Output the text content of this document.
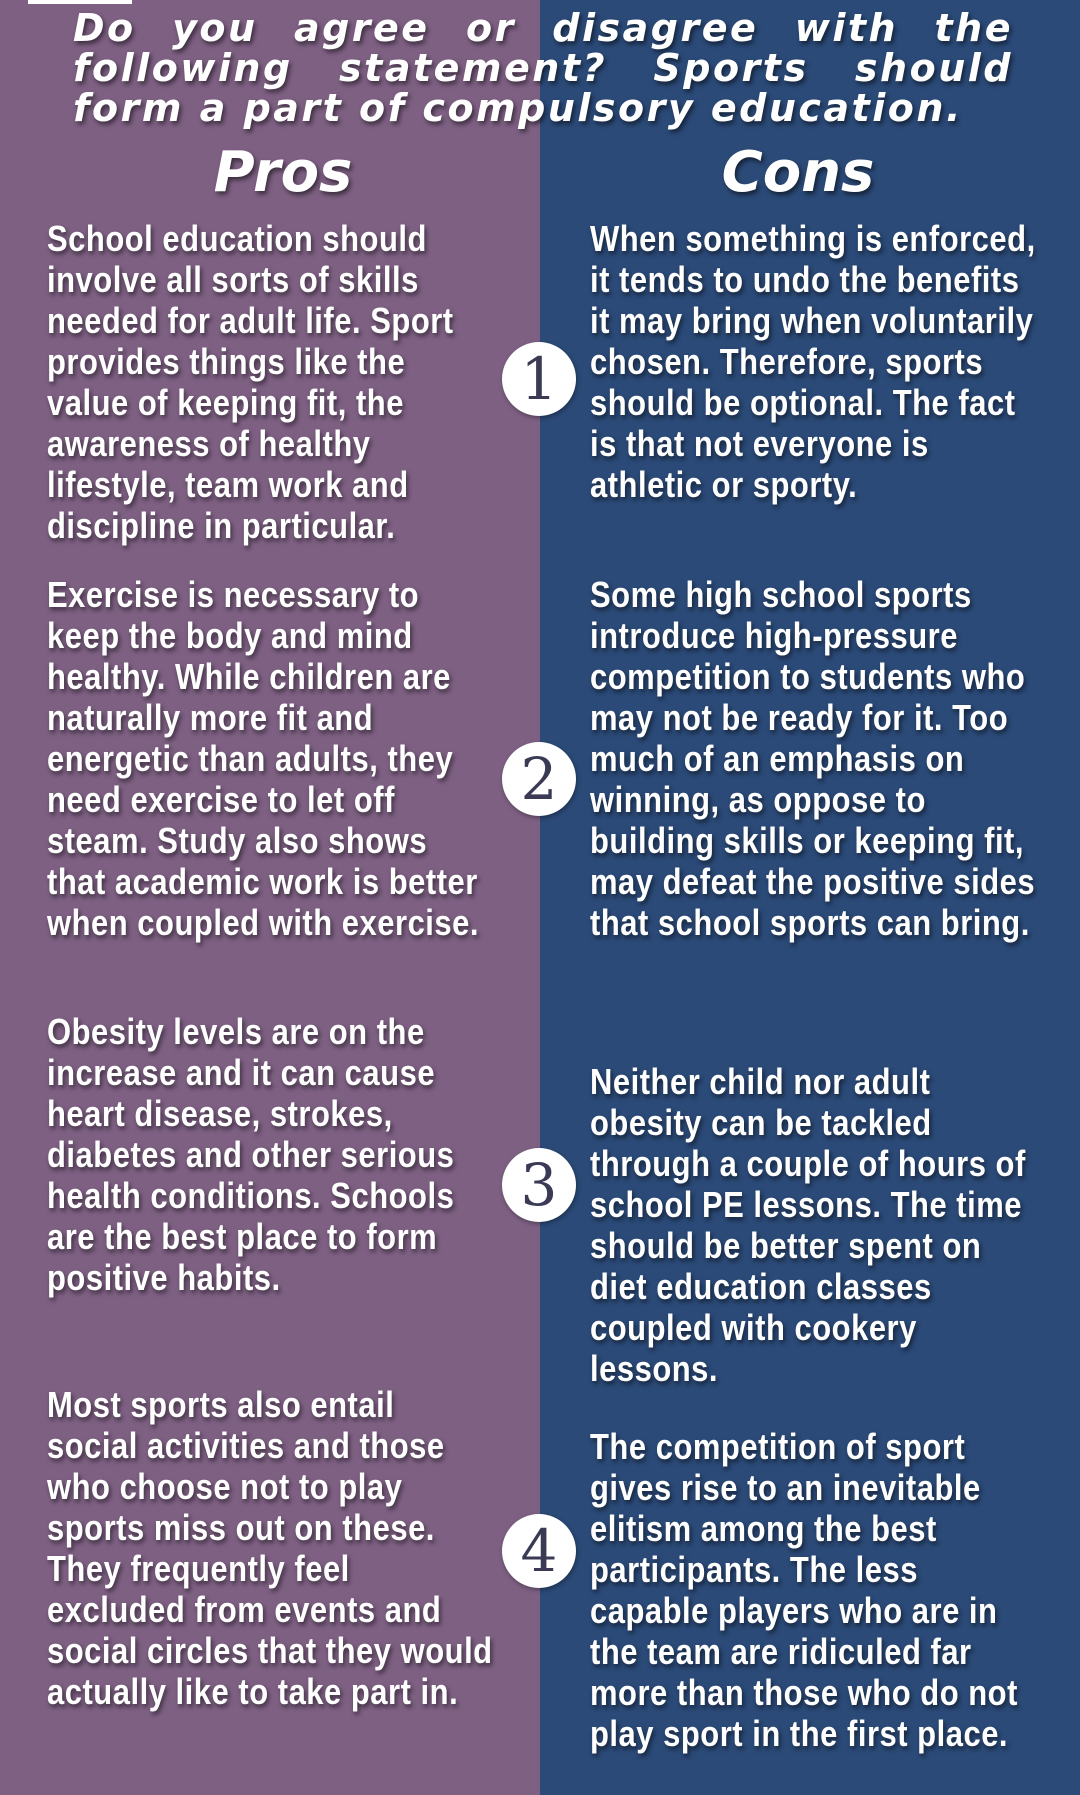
Do you agree or disagree with the following statement? Sports should form a part of compulsory education.
Pros	Cons
School education should involve all sorts of skills needed for adult life. Sport provides things like the value of keeping fit, the awareness of healthy lifestyle, team work and discipline in particular.
When something is enforced, it tends to undo the benefits it may bring when voluntarily chosen. Therefore, sports should be optional. The fact is that not everyone is athletic or sporty.
1
Exercise is necessary to keep the body and mind healthy. While children are naturally more fit and energetic than adults, they need exercise to let off steam. Study also shows that academic work is better when coupled with exercise.
Some high school sports introduce high-pressure competition to students who may not be ready for it. Too much of an emphasis on winning, as oppose to building skills or keeping fit, may defeat the positive sides that school sports can bring.
2
Obesity levels are on the increase and it can cause heart disease, strokes, diabetes and other serious health conditions. Schools are the best place to form positive habits.
Neither child nor adult obesity can be tackled through a couple of hours of school PE lessons. The time should be better spent on diet education classes coupled with cookery lessons.
3
Most sports also entail social activities and those who choose not to play sports miss out on these. They frequently feel excluded from events and social circles that they would actually like to take part in.
The competition of sport gives rise to an inevitable elitism among the best participants. The less capable players who are in the team are ridiculed far more than those who do not play sport in the first place.
4
